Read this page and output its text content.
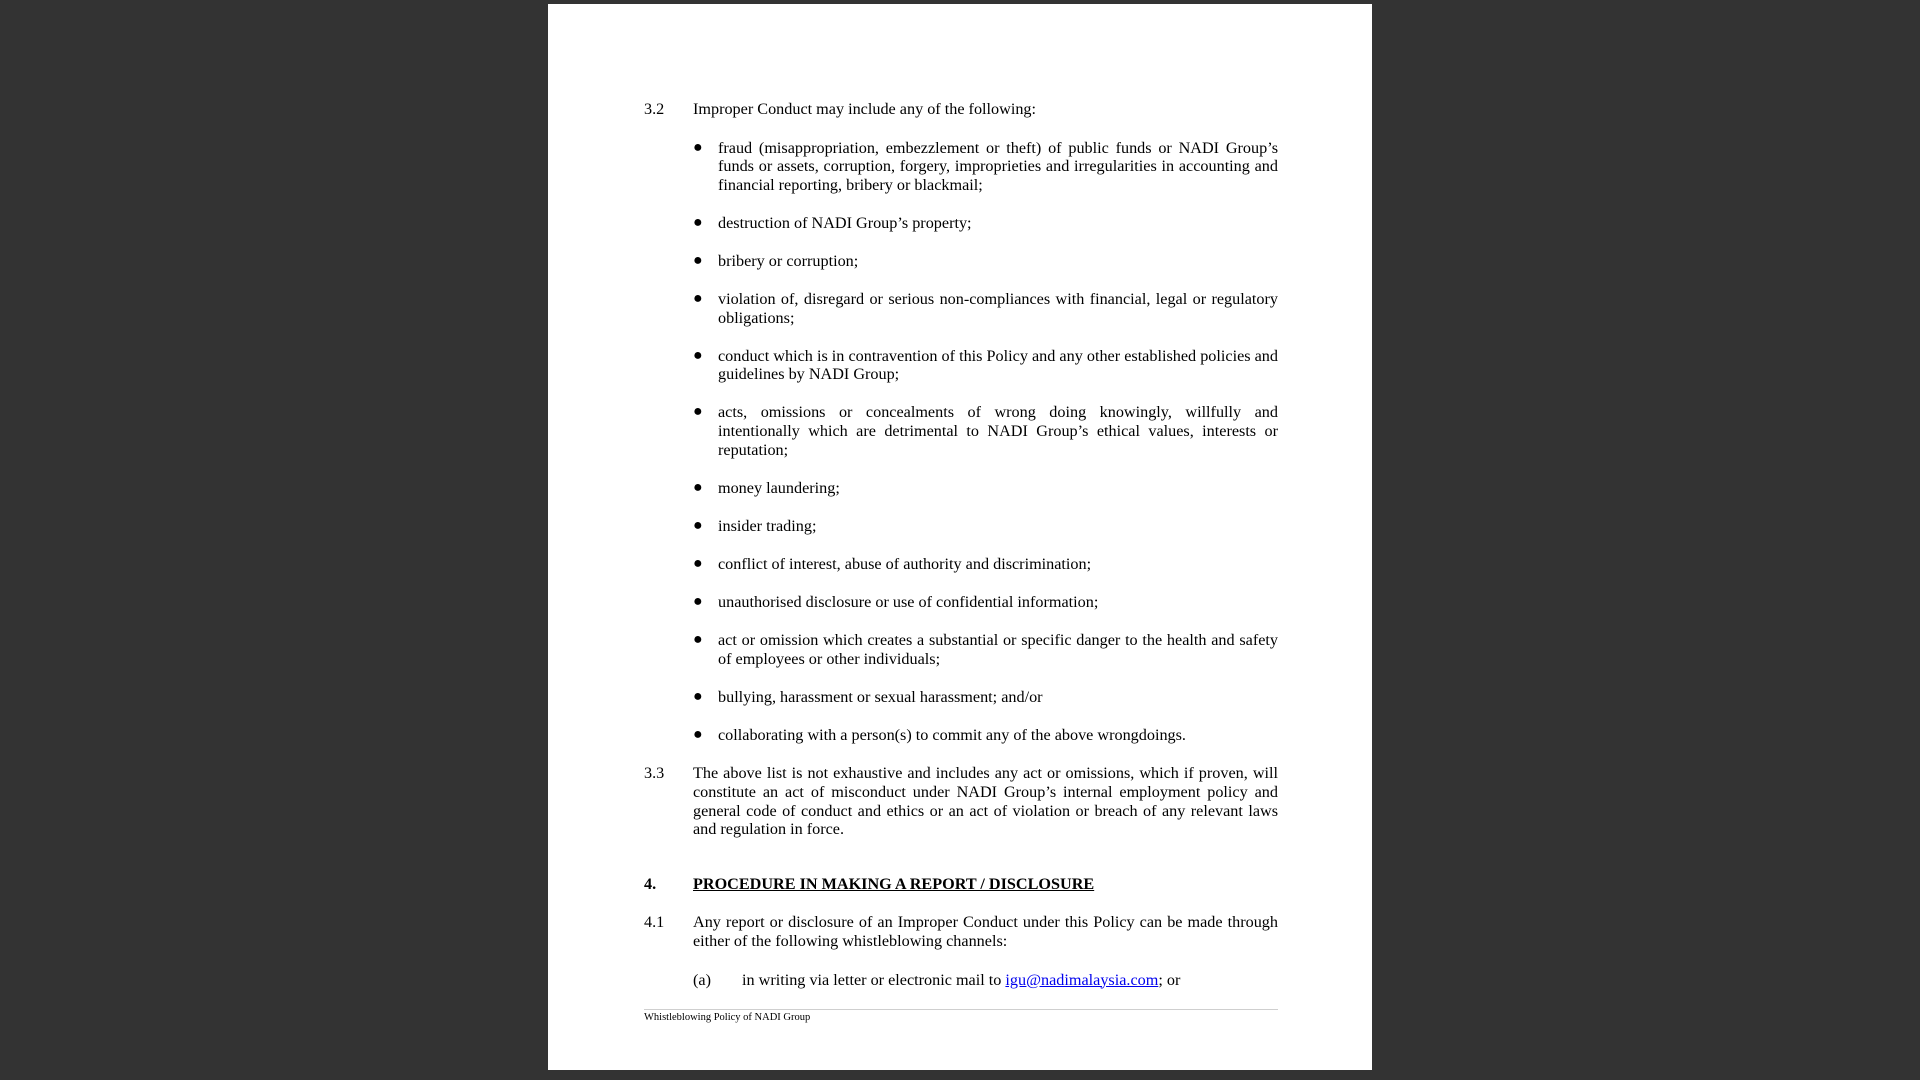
3.2	Improper Conduct may include any of the following:
● fraud (misappropriation, embezzlement or theft) of public funds or NADI Group’s funds or assets, corruption, forgery, improprieties and irregularities in accounting and financial reporting, bribery or blackmail;
● destruction of NADI Group’s property;
● bribery or corruption;
● violation of, disregard or serious non-compliances with financial, legal or regulatory obligations;
● conduct which is in contravention of this Policy and any other established policies and guidelines by NADI Group;
● acts, omissions or concealments of wrong doing knowingly, willfully and intentionally which are detrimental to NADI Group’s ethical values, interests or reputation;
● money laundering;
● insider trading;
● conflict of interest, abuse of authority and discrimination;
● unauthorised disclosure or use of confidential information;
● act or omission which creates a substantial or specific danger to the health and safety of employees or other individuals;
● bullying, harassment or sexual harassment; and/or
● collaborating with a person(s) to commit any of the above wrongdoings.
3.3	The above list is not exhaustive and includes any act or omissions, which if proven, will constitute an act of misconduct under NADI Group’s internal employment policy and general code of conduct and ethics or an act of violation or breach of any relevant laws and regulation in force.
4.	PROCEDURE IN MAKING A REPORT / DISCLOSURE
4.1	Any report or disclosure of an Improper Conduct under this Policy can be made through either of the following whistleblowing channels:
(a)	in writing via letter or electronic mail to igu@nadimalaysia.com; or
Whistleblowing Policy of NADI Group
